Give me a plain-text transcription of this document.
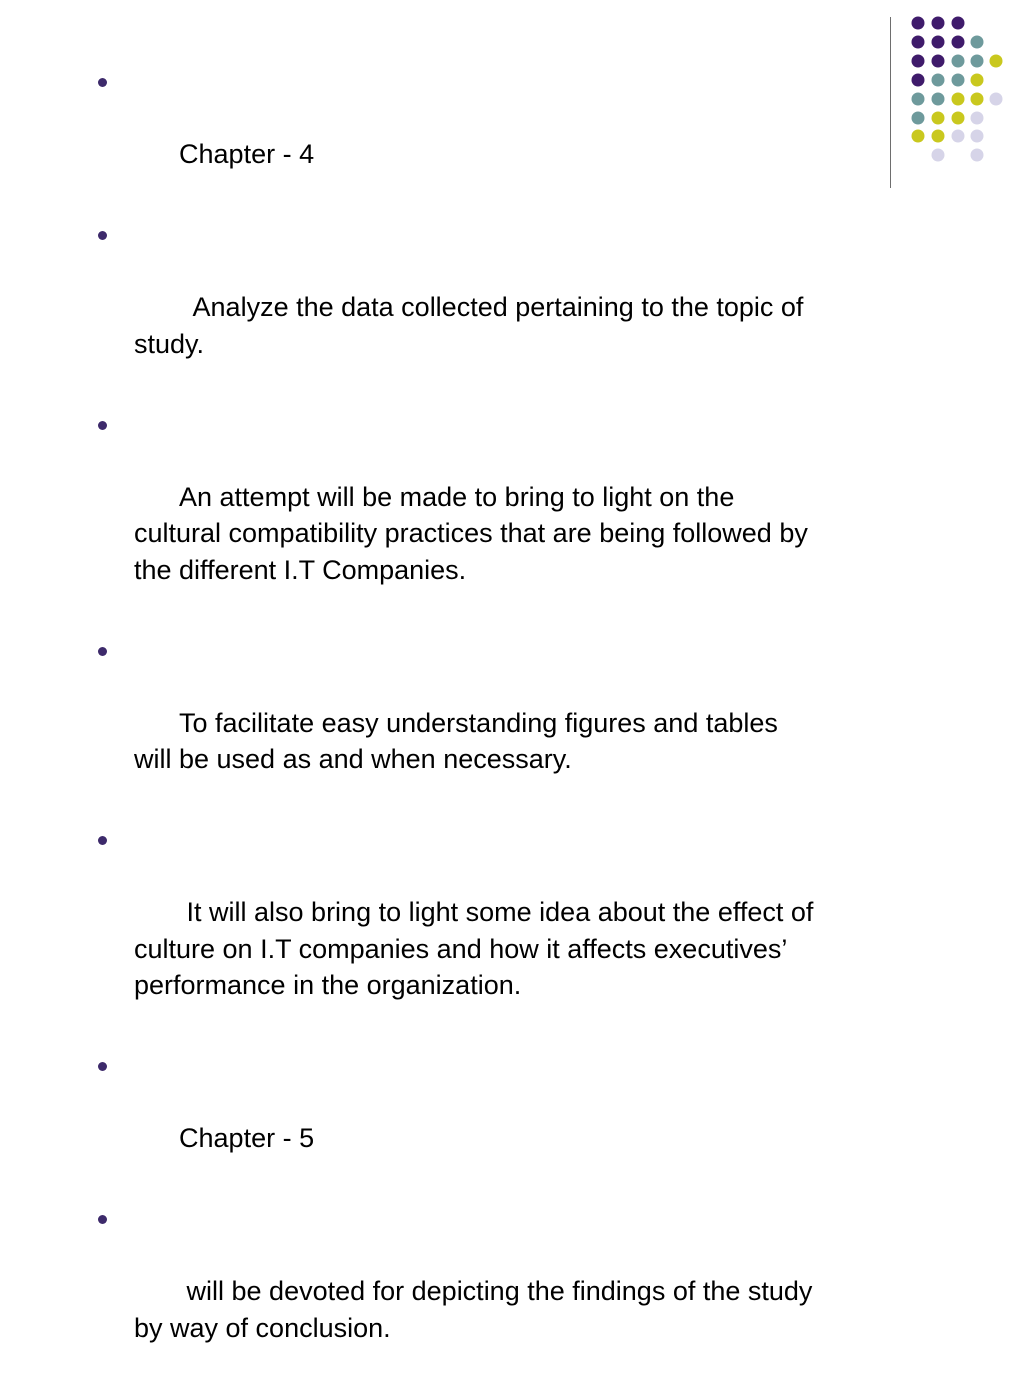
Chapter - 4

Analyze the data collected pertaining to the topic of study.

An attempt will be made to bring to light on the cultural compatibility practices that are being followed by the different I.T Companies.

To facilitate easy understanding figures and tables will be used as and when necessary.

It will also bring to light some idea about the effect of culture on I.T companies and how it affects executives’ performance in the organization.

Chapter - 5

will be devoted for depicting the findings of the study by way of conclusion.
